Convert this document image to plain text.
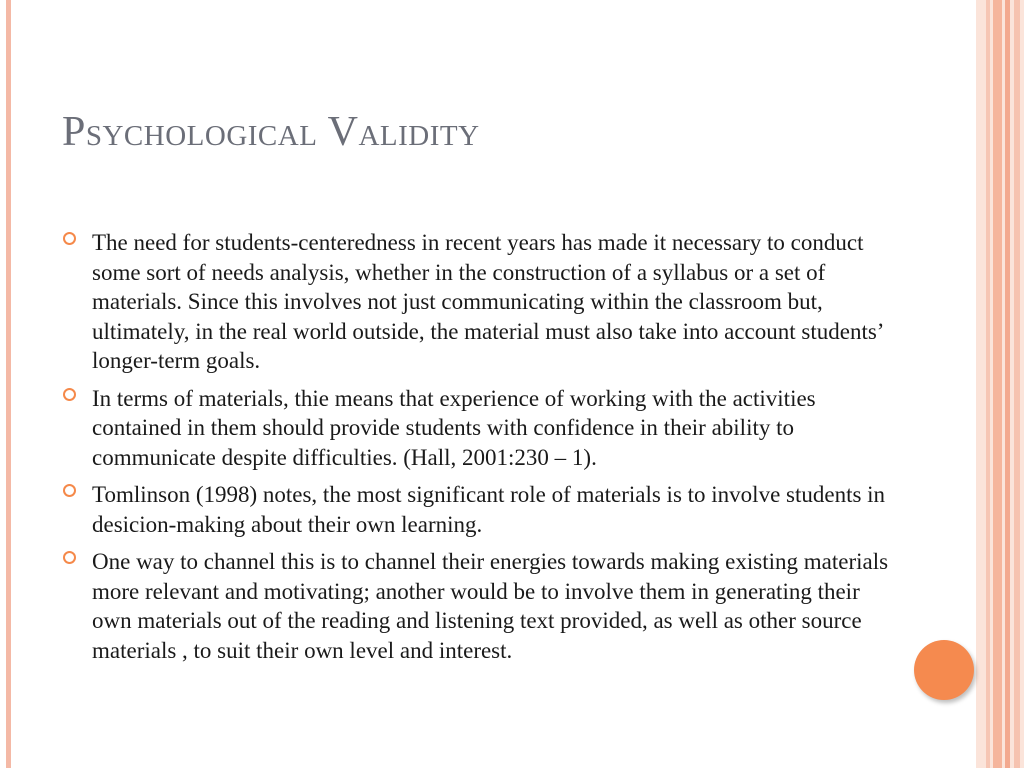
Psychological Validity
The need for students-centeredness in recent years has made it necessary to conduct some sort of needs analysis, whether in the construction of a syllabus or a set of materials. Since this involves not just communicating within the classroom but, ultimately, in the real world outside, the material must also take into account students’ longer-term goals.
In terms of materials, thie means that experience of working with the activities contained in them should provide students with confidence in their ability to communicate despite difficulties. (Hall, 2001:230 – 1).
Tomlinson (1998) notes, the most significant role of materials is to involve students in desicion-making about their own learning.
One way to channel this is to channel their energies towards making existing materials more relevant and motivating; another would be to involve them in generating their own materials out of the reading and listening text provided, as well as other source materials , to suit their own level and interest.
